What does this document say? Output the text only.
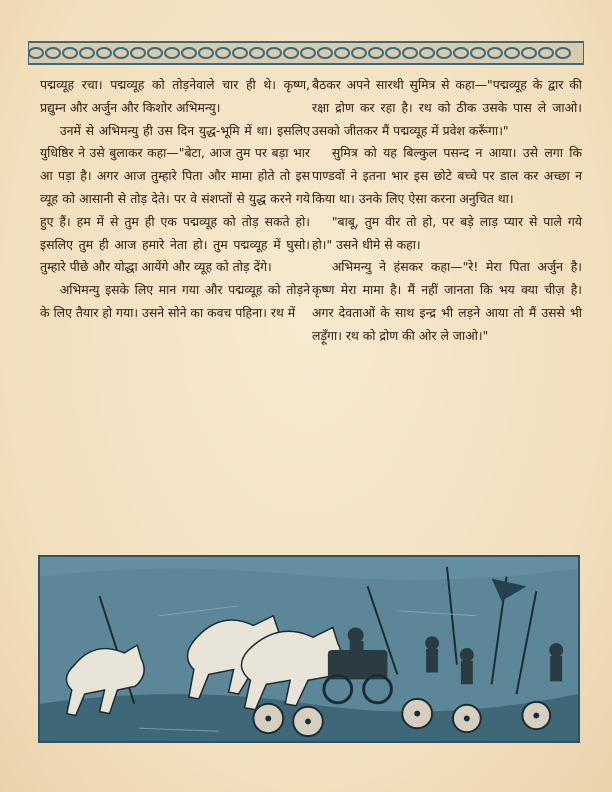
पद्मव्यूह रचा। पद्मव्यूह को तोड़नेवाले चार ही थे। कृष्ण, प्रद्युम्न और अर्जुन और किशोर अभिमन्यु।

उनमें से अभिमन्यु ही उस दिन युद्ध-भूमि में था। इसलिए युधिष्ठिर ने उसे बुलाकर कहा—"बेटा, आज तुम पर बड़ा भार आ पड़ा है। अगर आज तुम्हारे पिता और मामा होते तो इस व्यूह को आसानी से तोड़ देते। पर वे संशप्तों से युद्ध करने गये हुए हैं। हम में से तुम ही एक पद्मव्यूह को तोड़ सकते हो। इसलिए तुम ही आज हमारे नेता हो। तुम पद्मव्यूह में घुसो। तुम्हारे पीछे और योद्धा आयेंगे और व्यूह को तोड़ देंगे।

अभिमन्यु इसके लिए मान गया और पद्मव्यूह को तोड़ने के लिए तैयार हो गया। उसने सोने का कवच पहिना। रथ में

बैठकर अपने सारथी सुमित्र से कहा—"पद्मव्यूह के द्वार की रक्षा द्रोण कर रहा है। रथ को ठीक उसके पास ले जाओ। उसको जीतकर मैं पद्मव्यूह में प्रवेश करूँगा।"

सुमित्र को यह बिल्कुल पसन्द न आया। उसे लगा कि पाण्डवों ने इतना भार इस छोटे बच्चे पर डाल कर अच्छा न किया था। उनके लिए ऐसा करना अनुचित था।

"बाबू, तुम वीर तो हो, पर बड़े लाड़ प्यार से पाले गये हो।" उसने धीमे से कहा।

अभिमन्यु ने हंसकर कहा—"रे! मेरा पिता अर्जुन है। कृष्ण मेरा मामा है। मैं नहीं जानता कि भय क्या चीज़ है। अगर देवताओं के साथ इन्द्र भी लड़ने आया तो मैं उससे भी लड़ूँगा। रथ को द्रोण की ओर ले जाओ।"
